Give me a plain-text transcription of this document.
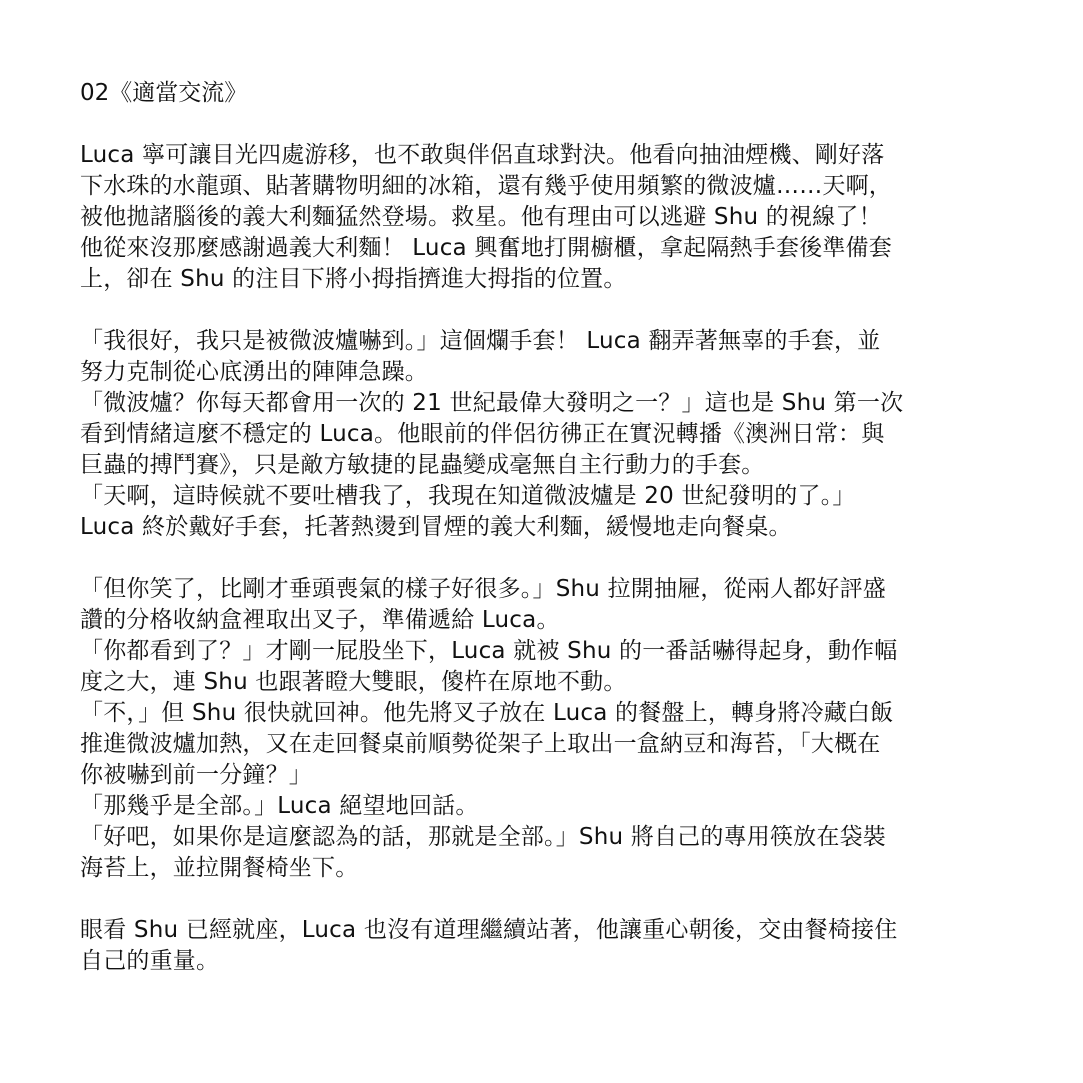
02《適當交流》
Luca 寧可讓目光四處游移，也不敢與伴侶直球對決。他看向抽油煙機、剛好落
下水珠的水龍頭、貼著購物明細的冰箱，還有幾乎使用頻繁的微波爐……天啊，
被他拋諸腦後的義大利麵猛然登場。救星。他有理由可以逃避 Shu 的視線了！
他從來沒那麼感謝過義大利麵！ Luca 興奮地打開櫥櫃，拿起隔熱手套後準備套
上，卻在 Shu 的注目下將小拇指擠進大拇指的位置。
「我很好，我只是被微波爐嚇到。」這個爛手套！ Luca 翻弄著無辜的手套，並
努力克制從心底湧出的陣陣急躁。
「微波爐？你每天都會用一次的 21 世紀最偉大發明之一？」這也是 Shu 第一次
看到情緒這麼不穩定的 Luca。他眼前的伴侶彷彿正在實況轉播《澳洲日常：與
巨蟲的搏鬥賽》，只是敵方敏捷的昆蟲變成毫無自主行動力的手套。
「天啊，這時候就不要吐槽我了，我現在知道微波爐是 20 世紀發明的了。」
Luca 終於戴好手套，托著熱燙到冒煙的義大利麵，緩慢地走向餐桌。
「但你笑了，比剛才垂頭喪氣的樣子好很多。」Shu 拉開抽屜，從兩人都好評盛
讚的分格收納盒裡取出叉子，準備遞給 Luca。
「你都看到了？」才剛一屁股坐下，Luca 就被 Shu 的一番話嚇得起身，動作幅
度之大，連 Shu 也跟著瞪大雙眼，傻杵在原地不動。
「不，」但 Shu 很快就回神。他先將叉子放在 Luca 的餐盤上，轉身將冷藏白飯
推進微波爐加熱，又在走回餐桌前順勢從架子上取出一盒納豆和海苔，「大概在
你被嚇到前一分鐘？」
「那幾乎是全部。」Luca 絕望地回話。
「好吧，如果你是這麼認為的話，那就是全部。」Shu 將自己的專用筷放在袋裝
海苔上，並拉開餐椅坐下。
眼看 Shu 已經就座，Luca 也沒有道理繼續站著，他讓重心朝後，交由餐椅接住
自己的重量。
